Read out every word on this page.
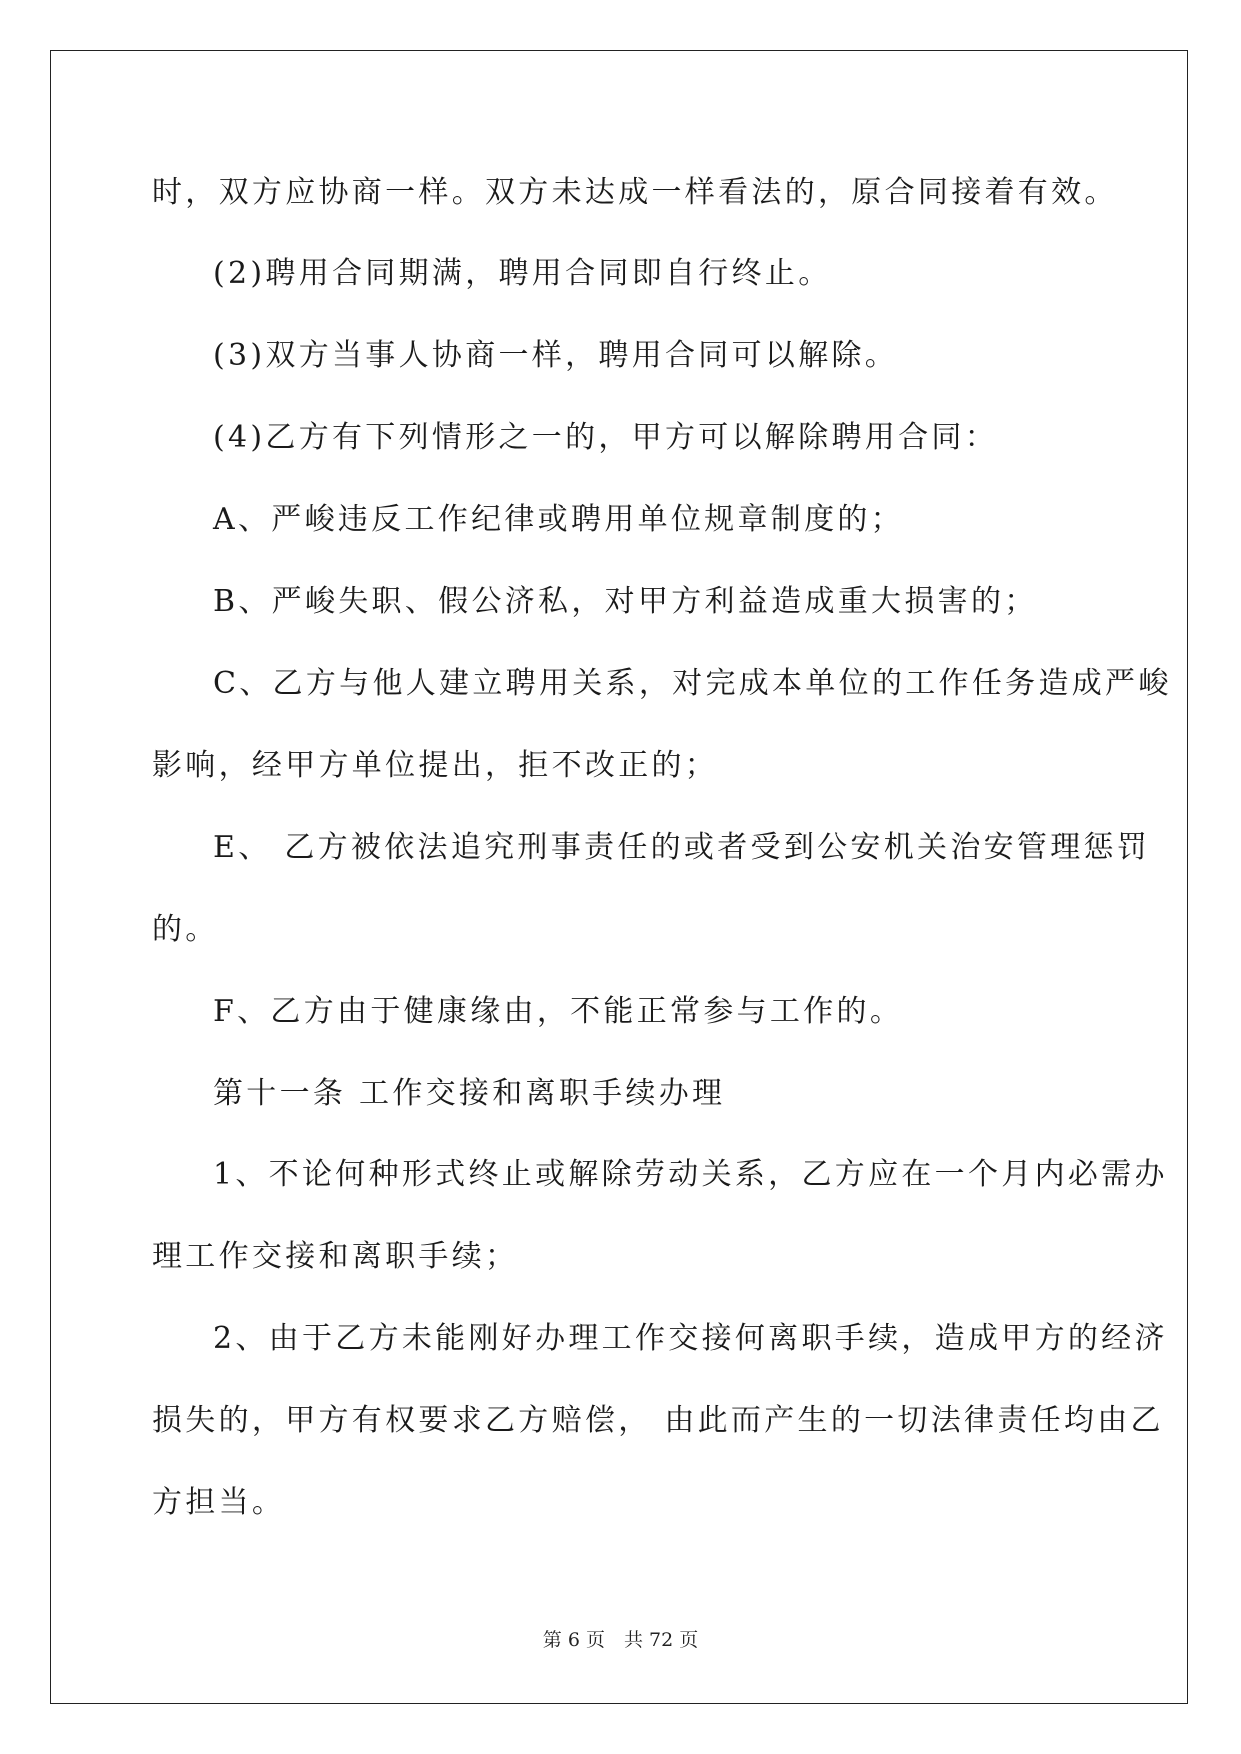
时，双方应协商一样。双方未达成一样看法的，原合同接着有效。
(2)聘用合同期满，聘用合同即自行终止。
(3)双方当事人协商一样，聘用合同可以解除。
(4)乙方有下列情形之一的，甲方可以解除聘用合同：
A、严峻违反工作纪律或聘用单位规章制度的；
B、严峻失职、假公济私，对甲方利益造成重大损害的；
C、乙方与他人建立聘用关系，对完成本单位的工作任务造成严峻
影响，经甲方单位提出，拒不改正的；
E、 乙方被依法追究刑事责任的或者受到公安机关治安管理惩罚
的。
F、乙方由于健康缘由，不能正常参与工作的。
第十一条 工作交接和离职手续办理
1、不论何种形式终止或解除劳动关系，乙方应在一个月内必需办
理工作交接和离职手续；
2、由于乙方未能刚好办理工作交接何离职手续，造成甲方的经济
损失的，甲方有权要求乙方赔偿， 由此而产生的一切法律责任均由乙
方担当。
第 6 页　共 72 页
